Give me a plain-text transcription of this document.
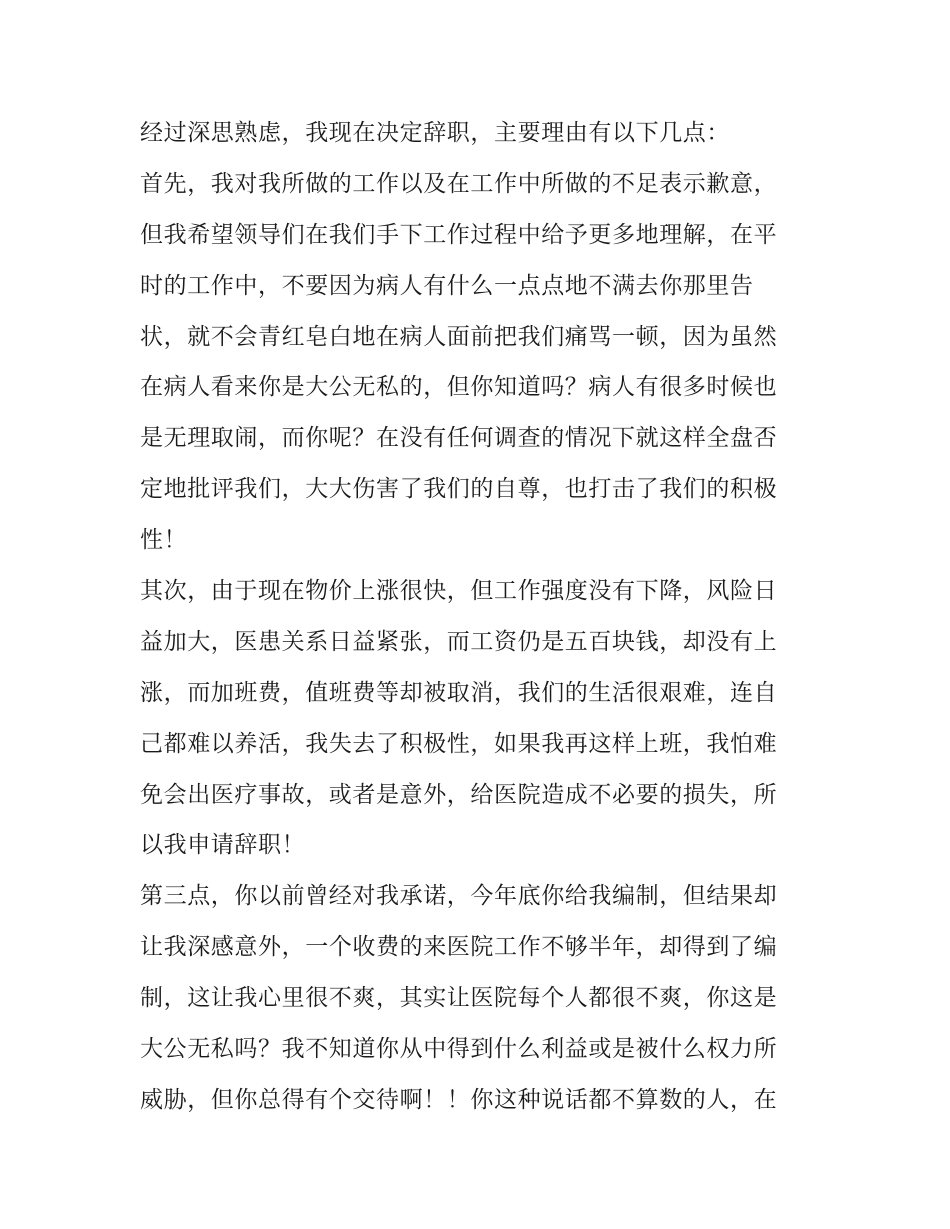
经过深思熟虑，我现在决定辞职，主要理由有以下几点：
首先，我对我所做的工作以及在工作中所做的不足表示歉意，
但我希望领导们在我们手下工作过程中给予更多地理解，在平
时的工作中，不要因为病人有什么一点点地不满去你那里告
状，就不会青红皂白地在病人面前把我们痛骂一顿，因为虽然
在病人看来你是大公无私的，但你知道吗？病人有很多时候也
是无理取闹，而你呢？在没有任何调查的情况下就这样全盘否
定地批评我们，大大伤害了我们的自尊，也打击了我们的积极
性！
其次，由于现在物价上涨很快，但工作强度没有下降，风险日
益加大，医患关系日益紧张，而工资仍是五百块钱，却没有上
涨，而加班费，值班费等却被取消，我们的生活很艰难，连自
己都难以养活，我失去了积极性，如果我再这样上班，我怕难
免会出医疗事故，或者是意外，给医院造成不必要的损失，所
以我申请辞职！
第三点，你以前曾经对我承诺，今年底你给我编制，但结果却
让我深感意外，一个收费的来医院工作不够半年，却得到了编
制，这让我心里很不爽，其实让医院每个人都很不爽，你这是
大公无私吗？我不知道你从中得到什么利益或是被什么权力所
威胁，但你总得有个交待啊！！你这种说话都不算数的人，在
